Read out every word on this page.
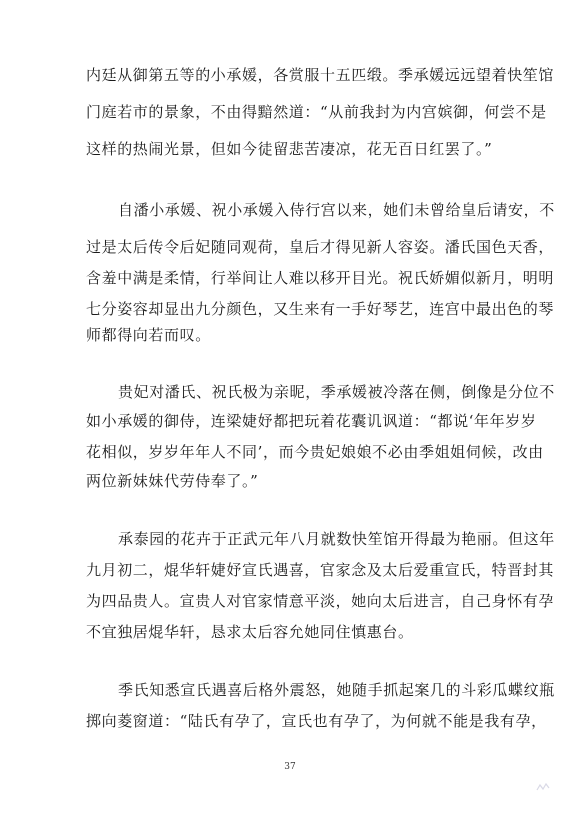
内廷从御第五等的小承媛，各赏服十五匹缎。季承媛远远望着快笙馆
门庭若市的景象，不由得黯然道：“从前我封为内宫嫔御，何尝不是
这样的热闹光景，但如今徒留悲苦凄凉，花无百日红罢了。”
自潘小承媛、祝小承媛入侍行宫以来，她们未曾给皇后请安，不
过是太后传令后妃随同观荷，皇后才得见新人容姿。潘氏国色天香，
含羞中满是柔情，行举间让人难以移开目光。祝氏娇媚似新月，明明
七分姿容却显出九分颜色，又生来有一手好琴艺，连宫中最出色的琴
师都得向若而叹。
贵妃对潘氏、祝氏极为亲昵，季承媛被冷落在侧，倒像是分位不
如小承媛的御侍，连梁婕妤都把玩着花囊讥讽道：“都说‘年年岁岁
花相似，岁岁年年人不同’，而今贵妃娘娘不必由季姐姐伺候，改由
两位新妹妹代劳侍奉了。”
承泰园的花卉于正武元年八月就数快笙馆开得最为艳丽。但这年
九月初二，焜华轩婕妤宣氏遇喜，官家念及太后爱重宣氏，特晋封其
为四品贵人。宣贵人对官家情意平淡，她向太后进言，自己身怀有孕
不宜独居焜华轩，恳求太后容允她同住慎惠台。
季氏知悉宣氏遇喜后格外震怒，她随手抓起案几的斗彩瓜蝶纹瓶
掷向菱窗道：“陆氏有孕了，宣氏也有孕了，为何就不能是我有孕，
37
